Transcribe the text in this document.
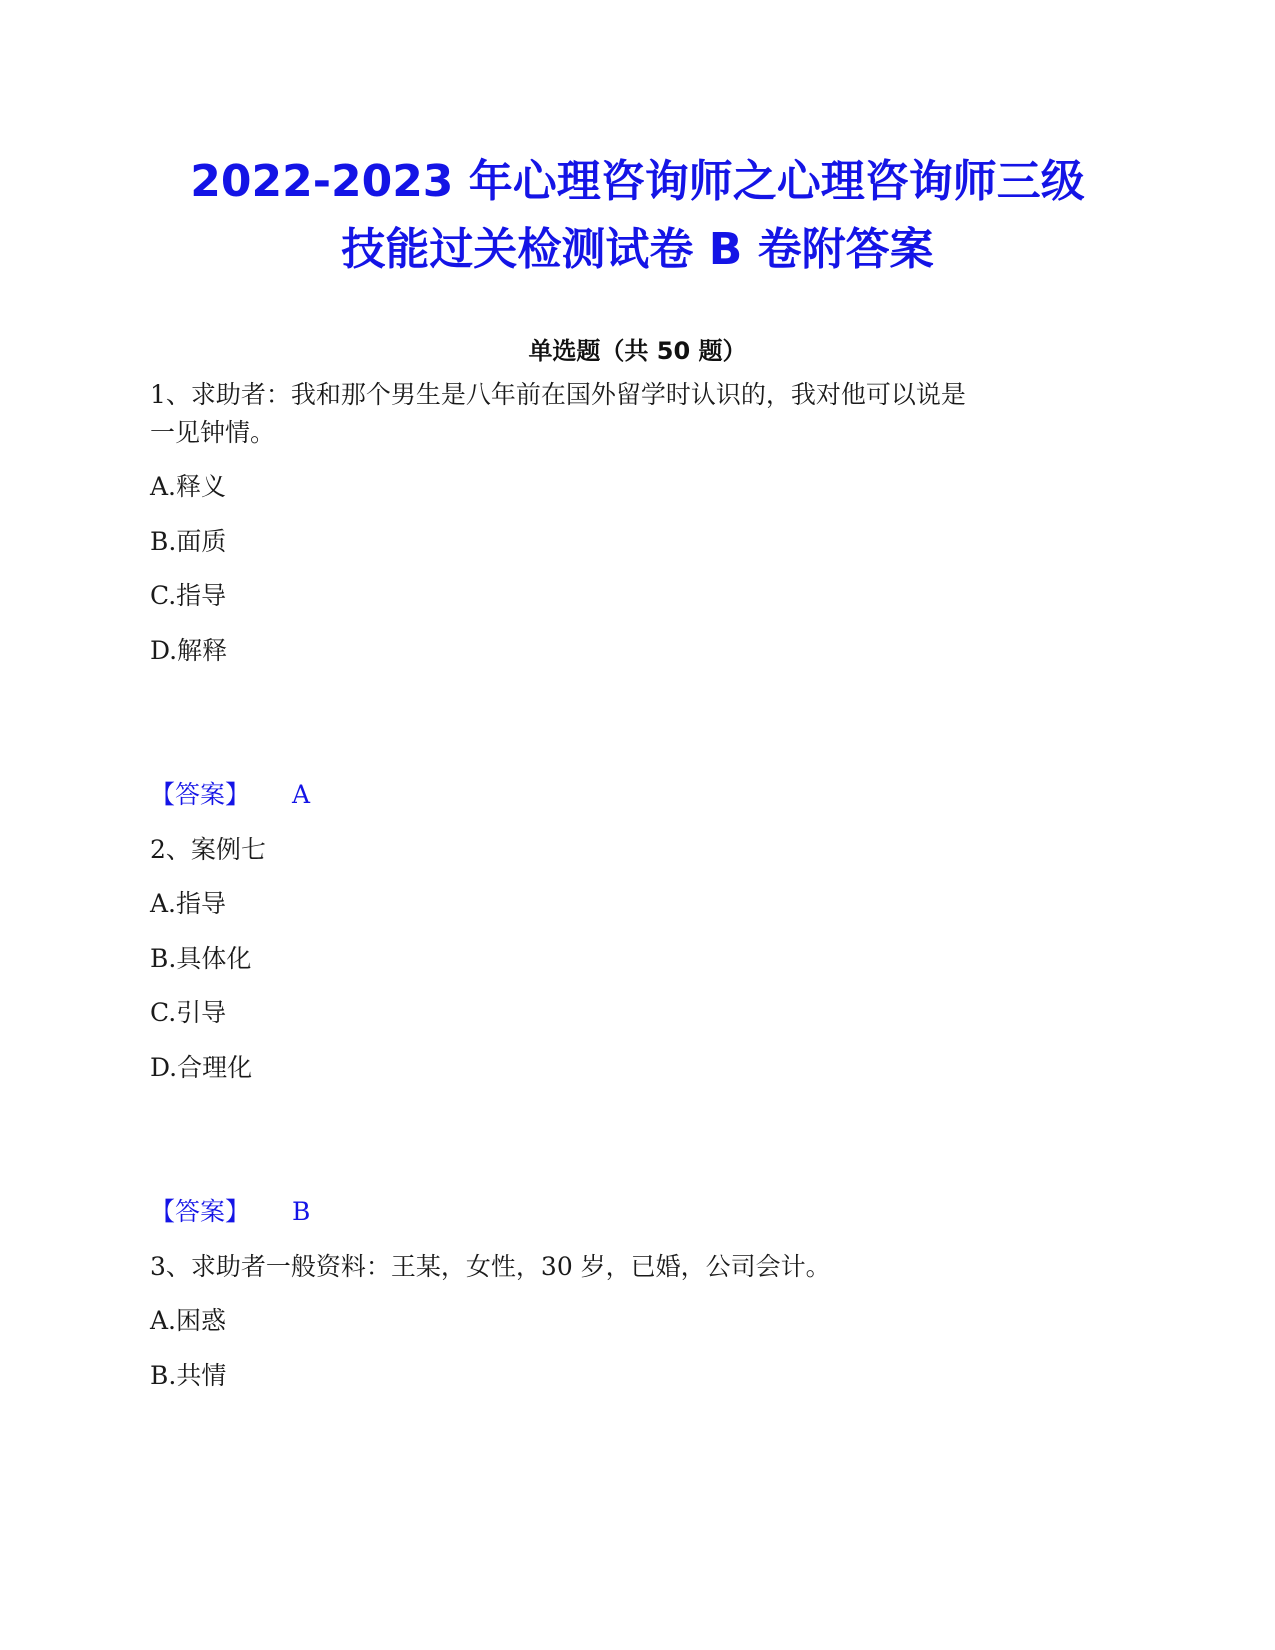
2022-2023 年心理咨询师之心理咨询师三级
技能过关检测试卷 B 卷附答案
单选题（共 50 题）
1、求助者：我和那个男生是八年前在国外留学时认识的，我对他可以说是
一见钟情。
A.释义
B.面质
C.指导
D.解释
【答案】 A
2、案例七
A.指导
B.具体化
C.引导
D.合理化
【答案】 B
3、求助者一般资料：王某，女性，30 岁，已婚，公司会计。
A.困惑
B.共情
